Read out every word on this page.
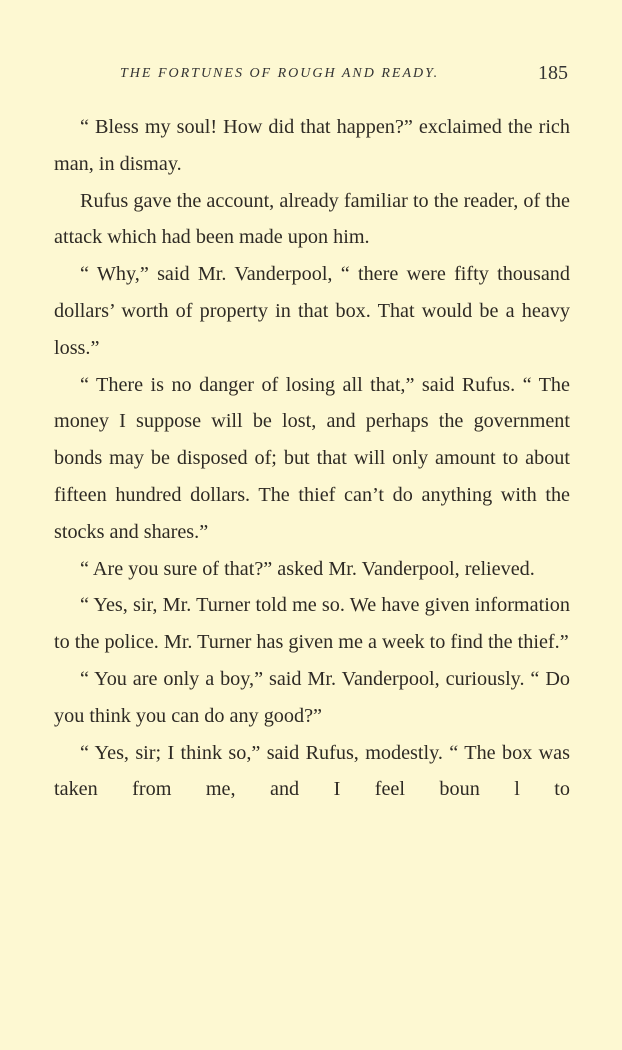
THE FORTUNES OF ROUGH AND READY.	185

“ Bless my soul! How did that happen?” exclaimed the rich man, in dismay.

Rufus gave the account, already familiar to the reader, of the attack which had been made upon him.

“ Why,” said Mr. Vanderpool, “ there were fifty thousand dollars’ worth of property in that box. That would be a heavy loss.”

“ There is no danger of losing all that,” said Rufus. “ The money I suppose will be lost, and perhaps the government bonds may be disposed of; but that will only amount to about fifteen hundred dollars. The thief can’t do anything with the stocks and shares.”

“ Are you sure of that?” asked Mr. Vanderpool, relieved.

“ Yes, sir, Mr. Turner told me so. We have given information to the police. Mr. Turner has given me a week to find the thief.”

“ You are only a boy,” said Mr. Vanderpool, curiously. “ Do you think you can do any good?”

“ Yes, sir; I think so,” said Rufus, modestly. “ The box was taken from me, and I feel boun l to
